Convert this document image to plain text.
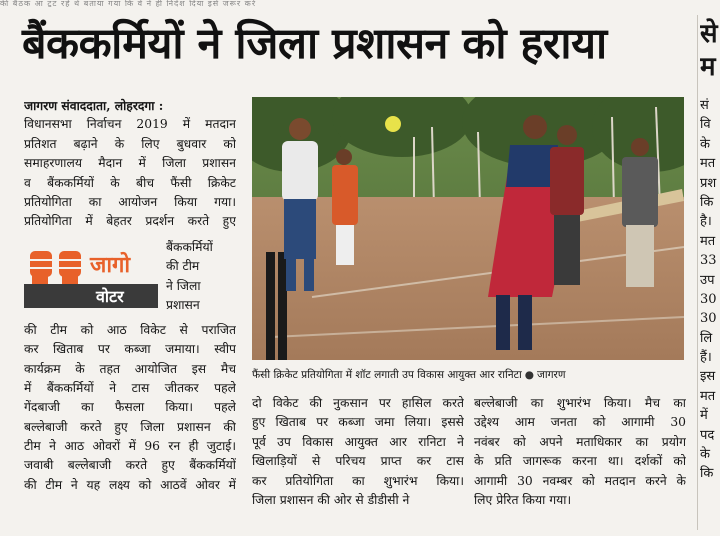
की बैठक आ टूट रहे थे बताया गया कि वे ने ही निर्देश दिया इसे जरूर करें
बैंककर्मियों ने जिला प्रशासन को हराया	से
म
सं
वि
के
मत
प्रश
कि
है।
मत
33
उप
30
30
लि
हैं।
इस
मत
में
पद
के
कि
जागरण संवाददाता, लोहरदगा :
विधानसभा निर्वाचन 2019 में मतदान
प्रतिशत बढ़ाने के लिए बुधवार को
समाहरणालय मैदान में जिला प्रशासन
व बैंककर्मियों के बीच फैंसी क्रिकेट
प्रतियोगिता का आयोजन किया गया।
प्रतियोगिता में बेहतर प्रदर्शन करते हुए
जागो
वोटर
बैंककर्मियों
की टीम
ने जिला
प्रशासन
की टीम को आठ विकेट से पराजित
कर खिताब पर कब्जा जमाया। स्वीप
कार्यक्रम के तहत आयोजित इस मैच
में बैंककर्मियों ने टास जीतकर पहले
गेंदबाजी का फैसला किया। पहले
बल्लेबाजी करते हुए जिला प्रशासन की
टीम ने आठ ओवरों में 96 रन ही जुटाई।
जवाबी बल्लेबाजी करते हुए बैंककर्मियों
की टीम ने यह लक्ष्य को आठवें ओवर में
फैंसी क्रिकेट प्रतियोगिता में शॉट लगाती उप विकास आयुक्त आर रानिटा ● जागरण
दो विकेट की नुकसान पर हासिल करते
हुए खिताब पर कब्जा जमा लिया। इससे
पूर्व उप विकास आयुक्त आर रानिटा ने
खिलाड़ियों से परिचय प्राप्त कर टास
कर प्रतियोगिता का शुभारंभ किया।
जिला प्रशासन की ओर से डीडीसी ने
बल्लेबाजी का शुभारंभ किया। मैच का
उद्देश्य आम जनता को आगामी 30
नवंबर को अपने मताधिकार का प्रयोग
के प्रति जागरूक करना था। दर्शकों को
आगामी 30 नवम्बर को मतदान करने के
लिए प्रेरित किया गया।
